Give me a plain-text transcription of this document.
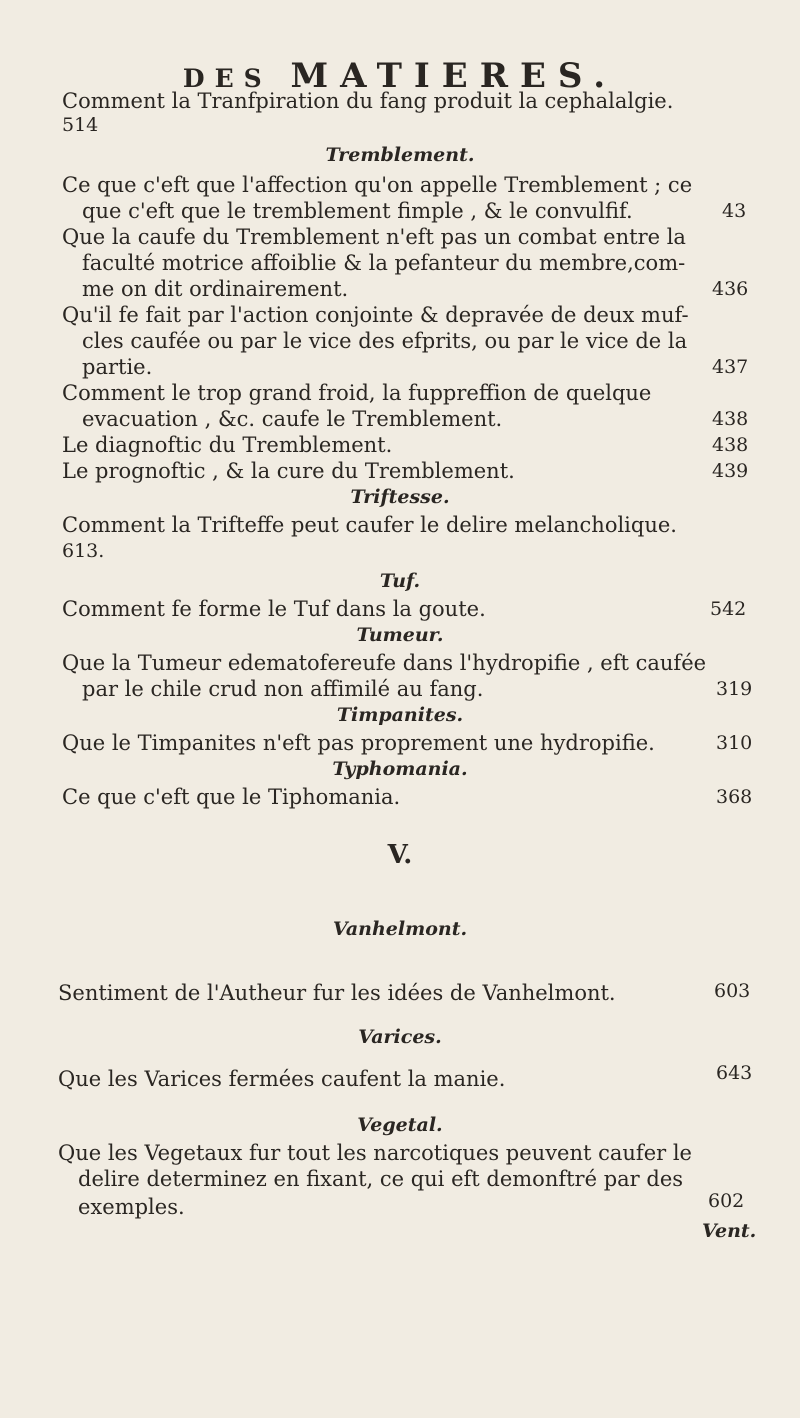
DES MATIERES.
Comment la Tranfpiration du fang produit la cephalalgie.
514
Tremblement.
Ce que c'eft que l'affection qu'on appelle Tremblement ; ce
que c'eft que le tremblement fimple , & le convulfif.	43
Que la caufe du Tremblement n'eft pas un combat entre la
faculté motrice affoiblie & la pefanteur du membre,com-
me on dit ordinairement.	436
Qu'il fe fait par l'action conjointe & depravée de deux muf-
cles caufée ou par le vice des efprits, ou par le vice de la
partie.	437
Comment le trop grand froid, la fuppreffion de quelque
evacuation , &c. caufe le Tremblement.	438
Le diagnoftic du Tremblement.	438
Le prognoftic , & la cure du Tremblement.	439
Triftesse.
Comment la Trifteffe peut caufer le delire melancholique.
613.
Tuf.
Comment fe forme le Tuf dans la goute.	542
Tumeur.
Que la Tumeur edematofereufe dans l'hydropifie , eft caufée
par le chile crud non affimilé au fang.	319
Timpanites.
Que le Timpanites n'eft pas proprement une hydropifie.	310
Typhomania.
Ce que c'eft que le Tiphomania.	368
V.
Vanhelmont.
Sentiment de l'Autheur fur les idées de Vanhelmont.	603
Varices.
Que les Varices fermées caufent la manie.	643
Vegetal.
Que les Vegetaux fur tout les narcotiques peuvent caufer le
delire determinez en fixant, ce qui eft demonftré par des
exemples.	602
Vent.
